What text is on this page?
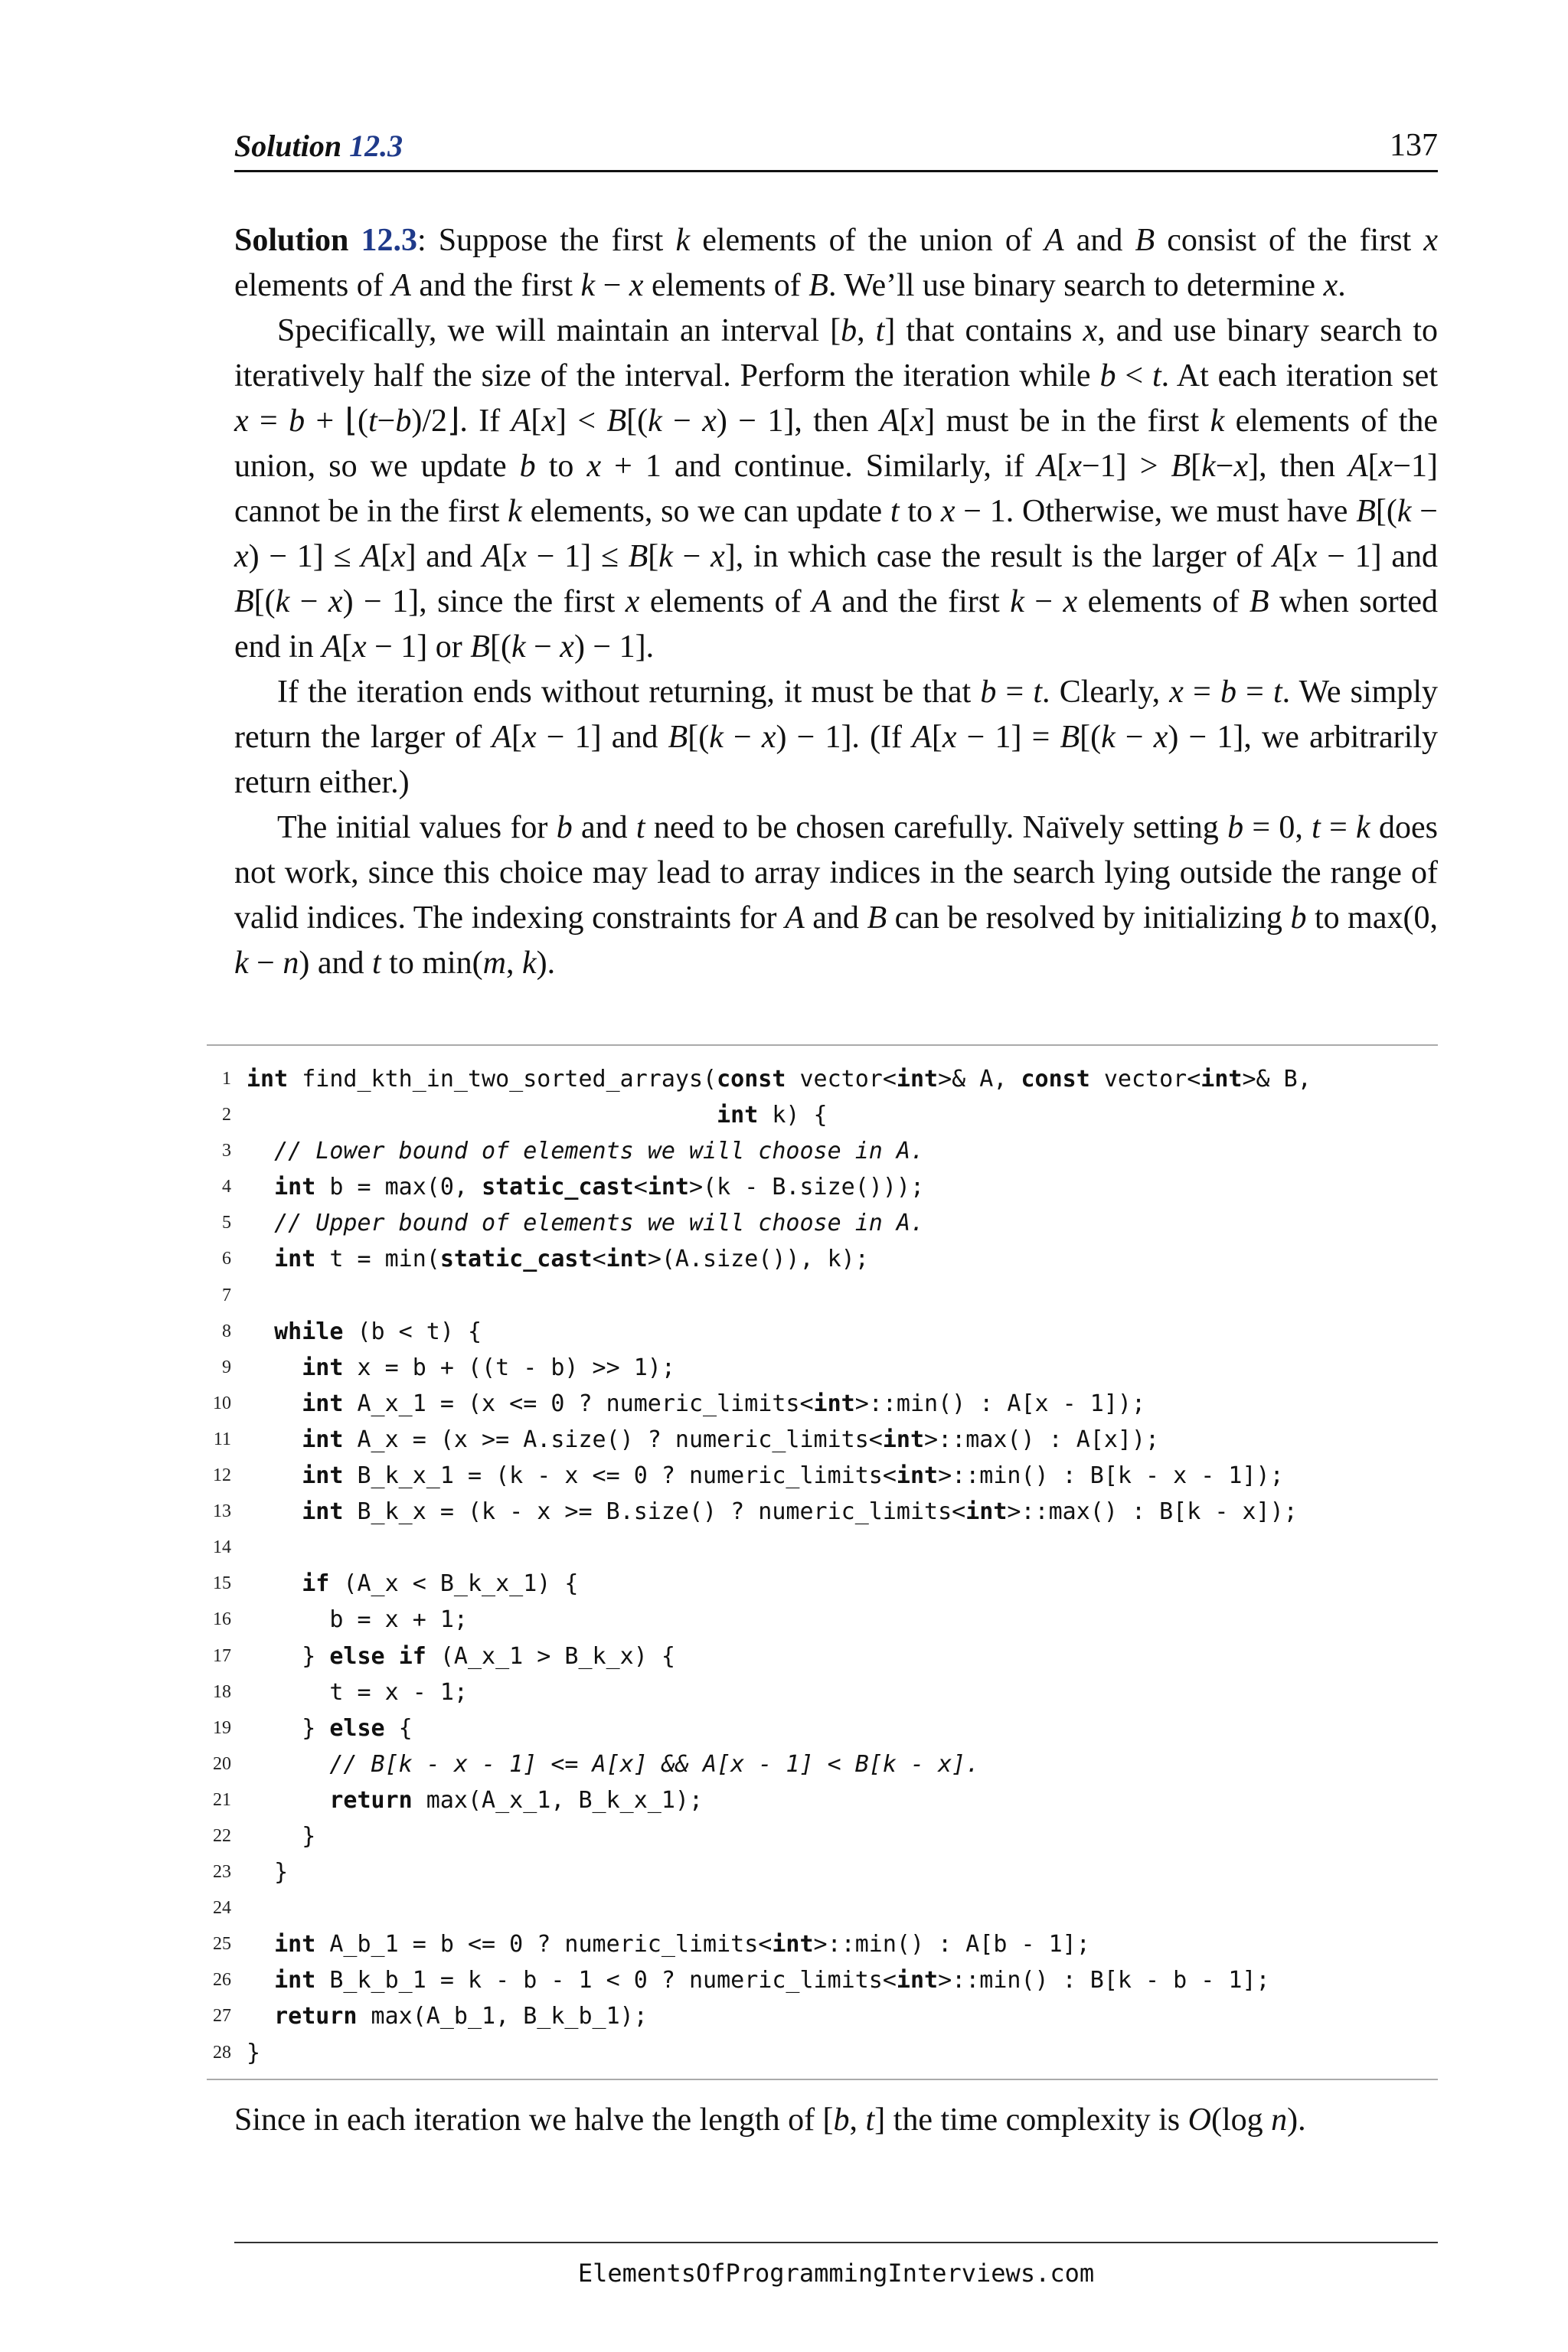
Solution 12.3	137

Solution 12.3: Suppose the first k elements of the union of A and B consist of the first x elements of A and the first k − x elements of B. We’ll use binary search to determine x.

Specifically, we will maintain an interval [b, t] that contains x, and use binary search to iteratively half the size of the interval. Perform the iteration while b < t. At each iteration set x = b + ⌊(t−b)/2⌋. If A[x] < B[(k − x) − 1], then A[x] must be in the first k elements of the union, so we update b to x + 1 and continue. Similarly, if A[x−1] > B[k−x], then A[x−1] cannot be in the first k elements, so we can update t to x − 1. Otherwise, we must have B[(k − x) − 1] ≤ A[x] and A[x − 1] ≤ B[k − x], in which case the result is the larger of A[x − 1] and B[(k − x) − 1], since the first x elements of A and the first k − x elements of B when sorted end in A[x − 1] or B[(k − x) − 1].

If the iteration ends without returning, it must be that b = t. Clearly, x = b = t. We simply return the larger of A[x − 1] and B[(k − x) − 1]. (If A[x − 1] = B[(k − x) − 1], we arbitrarily return either.)

The initial values for b and t need to be chosen carefully. Naïvely setting b = 0, t = k does not work, since this choice may lead to array indices in the search lying outside the range of valid indices. The indexing constraints for A and B can be resolved by initializing b to max(0, k − n) and t to min(m, k).

1 int find_kth_in_two_sorted_arrays(const vector<int>& A, const vector<int>& B,
2	int k) {
3	// Lower bound of elements we will choose in A.
4	int b = max(0, static_cast<int>(k - B.size()));
5	// Upper bound of elements we will choose in A.
6	int t = min(static_cast<int>(A.size()), k);
7
8	while (b < t) {
9	int x = b + ((t - b) >> 1);
10	int A_x_1 = (x <= 0 ? numeric_limits<int>::min() : A[x - 1]);
11	int A_x = (x >= A.size() ? numeric_limits<int>::max() : A[x]);
12	int B_k_x_1 = (k - x <= 0 ? numeric_limits<int>::min() : B[k - x - 1]);
13	int B_k_x = (k - x >= B.size() ? numeric_limits<int>::max() : B[k - x]);
14
15	if (A_x < B_k_x_1) {
16 b = x + 1;
17 } else if (A_x_1 > B_k_x) {
18 t = x - 1;
19 } else {
20	// B[k - x - 1] <= A[x] && A[x - 1] < B[k - x].
21	return max(A_x_1, B_k_x_1);
22 }
23 }
24
25	int A_b_1 = b <= 0 ? numeric_limits<int>::min() : A[b - 1];
26	int B_k_b_1 = k - b - 1 < 0 ? numeric_limits<int>::min() : B[k - b - 1];
27	return max(A_b_1, B_k_b_1);
28 }
Since in each iteration we halve the length of [b, t] the time complexity is O(log n).
ElementsOfProgrammingInterviews.com
